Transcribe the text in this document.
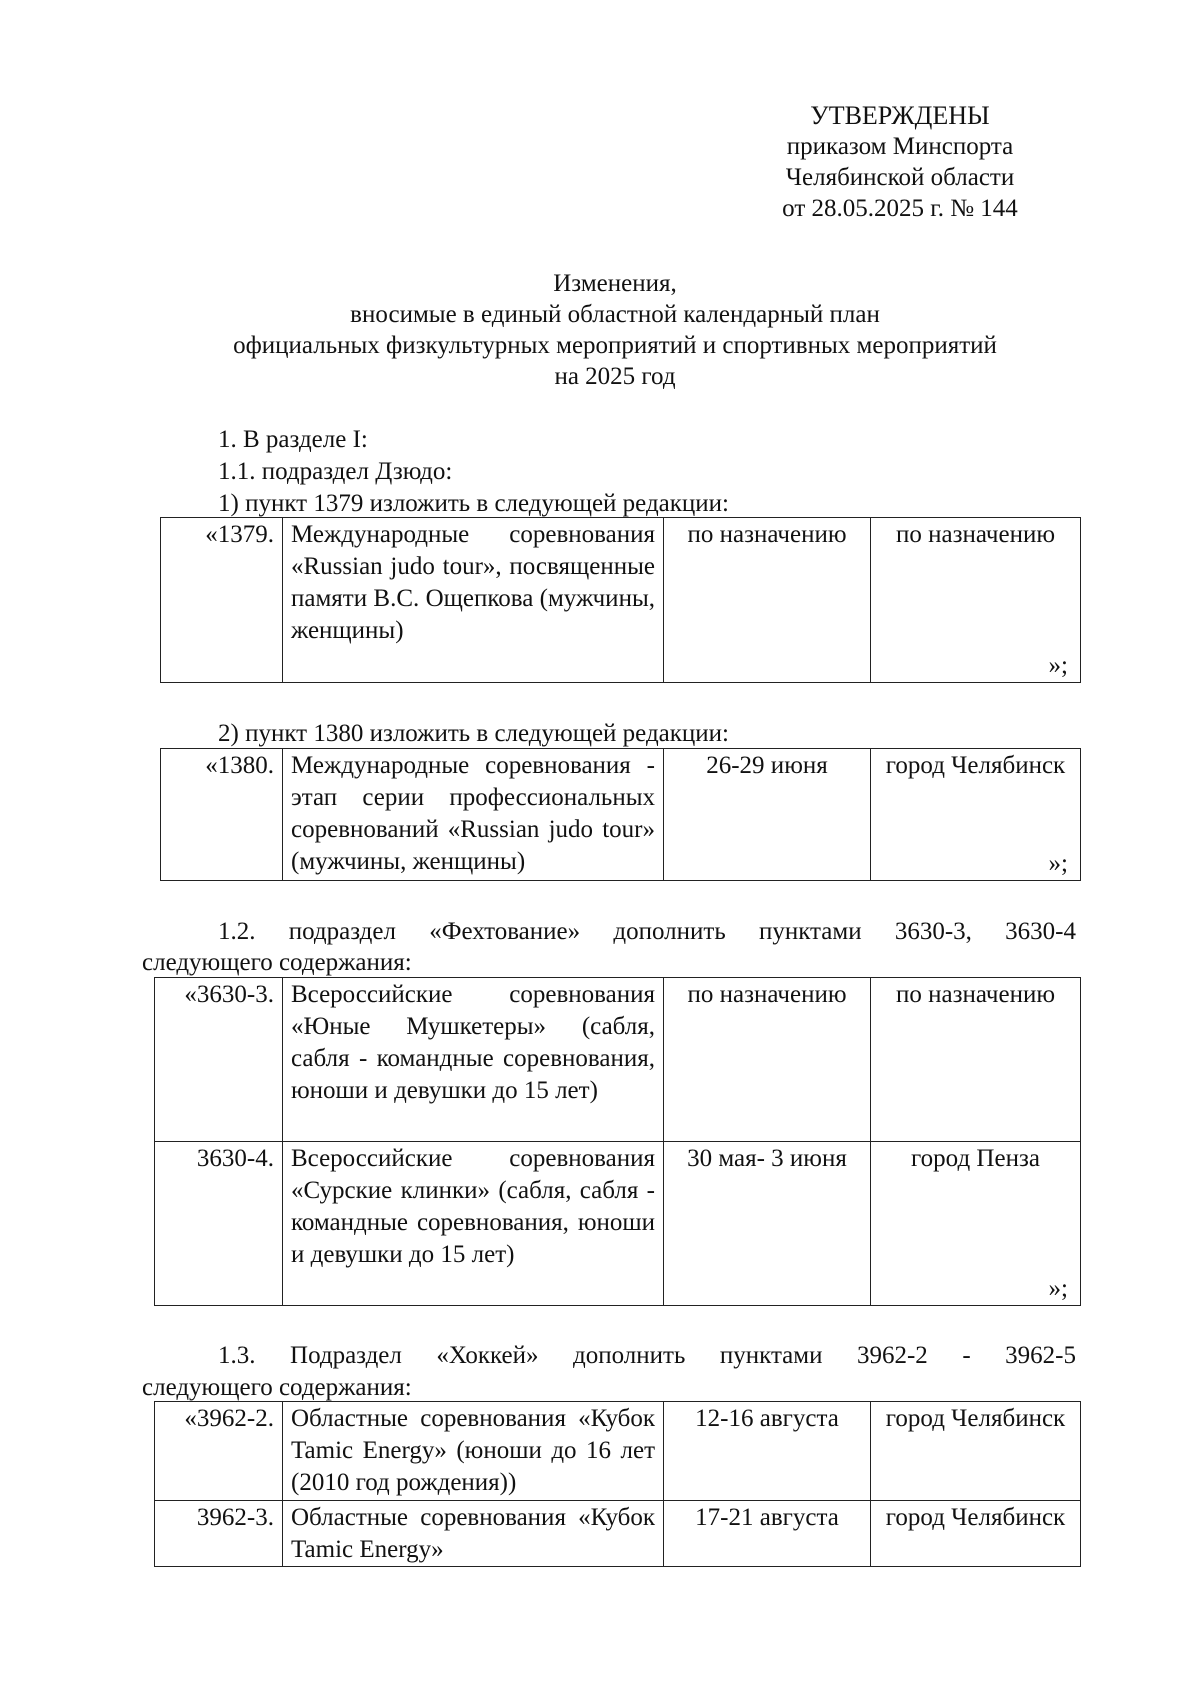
УТВЕРЖДЕНЫ
приказом Минспорта
Челябинской области
от 28.05.2025 г. № 144
Изменения,
вносимые в единый областной календарный план
официальных физкультурных мероприятий и спортивных мероприятий
на 2025 год
1. В разделе I:
1.1. подраздел Дзюдо:
1) пункт 1379 изложить в следующей редакции:
«1379.	Международные соревнования «Russian judo tour», посвященные памяти В.С. Ощепкова (мужчины, женщины)	по назначению	по назначению
»;
2) пункт 1380 изложить в следующей редакции:
«1380.	Международные соревнования - этап серии профессиональных соревнований «Russian judo tour» (мужчины, женщины)	26-29 июня	город Челябинск
»;
1.2. подраздел «Фехтование» дополнить пунктами 3630-3, 3630-4
следующего содержания:
«3630-3.	Всероссийские соревнования «Юные Мушкетеры» (сабля, сабля - командные соревнования, юноши и девушки до 15 лет)	по назначению	по назначению
3630-4.	Всероссийские соревнования «Сурские клинки» (сабля, сабля - командные соревнования, юноши и девушки до 15 лет)	30 мая- 3 июня	город Пенза
»;
1.3. Подраздел «Хоккей» дополнить пунктами 3962-2 - 3962-5
следующего содержания:
«3962-2.	Областные соревнования «Кубок Tamic Energy» (юноши до 16 лет (2010 год рождения))	12-16 августа	город Челябинск
3962-3.	Областные соревнования «Кубок Tamic Energy»	17-21 августа	город Челябинск
